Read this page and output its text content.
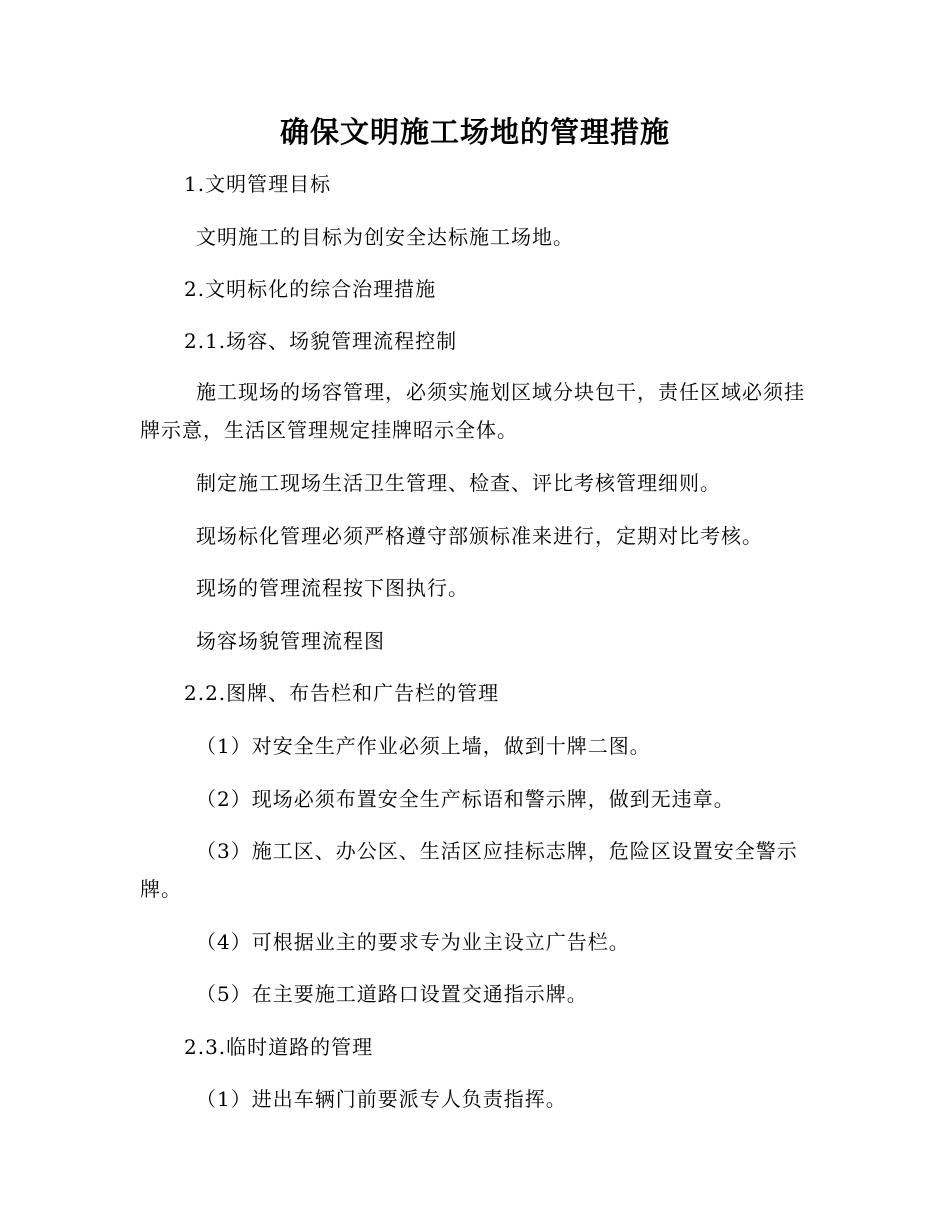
确保文明施工场地的管理措施
1.文明管理目标
文明施工的目标为创安全达标施工场地。
2.文明标化的综合治理措施
2.1.场容、场貌管理流程控制
施工现场的场容管理，必须实施划区域分块包干，责任区域必须挂牌示意，生活区管理规定挂牌昭示全体。
制定施工现场生活卫生管理、检查、评比考核管理细则。
现场标化管理必须严格遵守部颁标准来进行，定期对比考核。
现场的管理流程按下图执行。
场容场貌管理流程图
2.2.图牌、布告栏和广告栏的管理
（1）对安全生产作业必须上墙，做到十牌二图。
（2）现场必须布置安全生产标语和警示牌，做到无违章。
（3）施工区、办公区、生活区应挂标志牌，危险区设置安全警示牌。
（4）可根据业主的要求专为业主设立广告栏。
（5）在主要施工道路口设置交通指示牌。
2.3.临时道路的管理
（1）进出车辆门前要派专人负责指挥。
